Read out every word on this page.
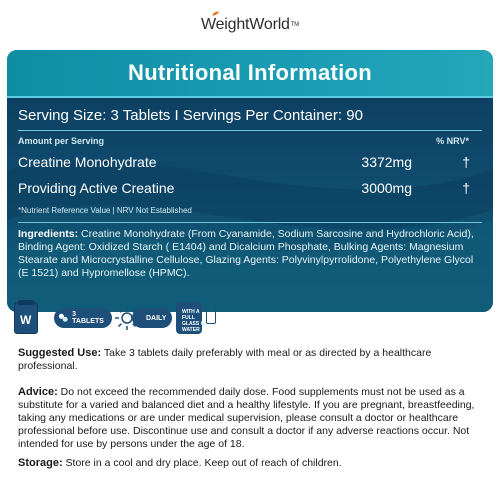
WeightWorld TM
Nutritional Information
Serving Size: 3 Tablets I Servings Per Container: 90
Amount per Serving	% NRV*
Creatine Monohydrate	3372mg	†
Providing Active Creatine	3000mg	†
*Nutrient Reference Value | NRV Not Established
Ingredients: Creatine Monohydrate (From Cyanamide, Sodium Sarcosine and Hydrochloric Acid), Binding Agent: Oxidized Starch ( E1404) and Dicalcium Phosphate, Bulking Agents: Magnesium Stearate and Microcrystalline Cellulose, Glazing Agents: Polyvinylpyrrolidone, Polyethylene Glycol (E 1521) and Hypromellose (HPMC).
W	3 TABLETS	DAILY
WITH A FULL GLASS OF WATER
Suggested Use: Take 3 tablets daily preferably with meal or as directed by a healthcare professional.
Advice: Do not exceed the recommended daily dose. Food supplements must not be used as a substitute for a varied and balanced diet and a healthy lifestyle. If you are pregnant, breastfeeding, taking any medications or are under medical supervision, please consult a doctor or healthcare professional before use. Discontinue use and consult a doctor if any adverse reactions occur. Not intended for use by persons under the age of 18.
Storage: Store in a cool and dry place. Keep out of reach of children.
